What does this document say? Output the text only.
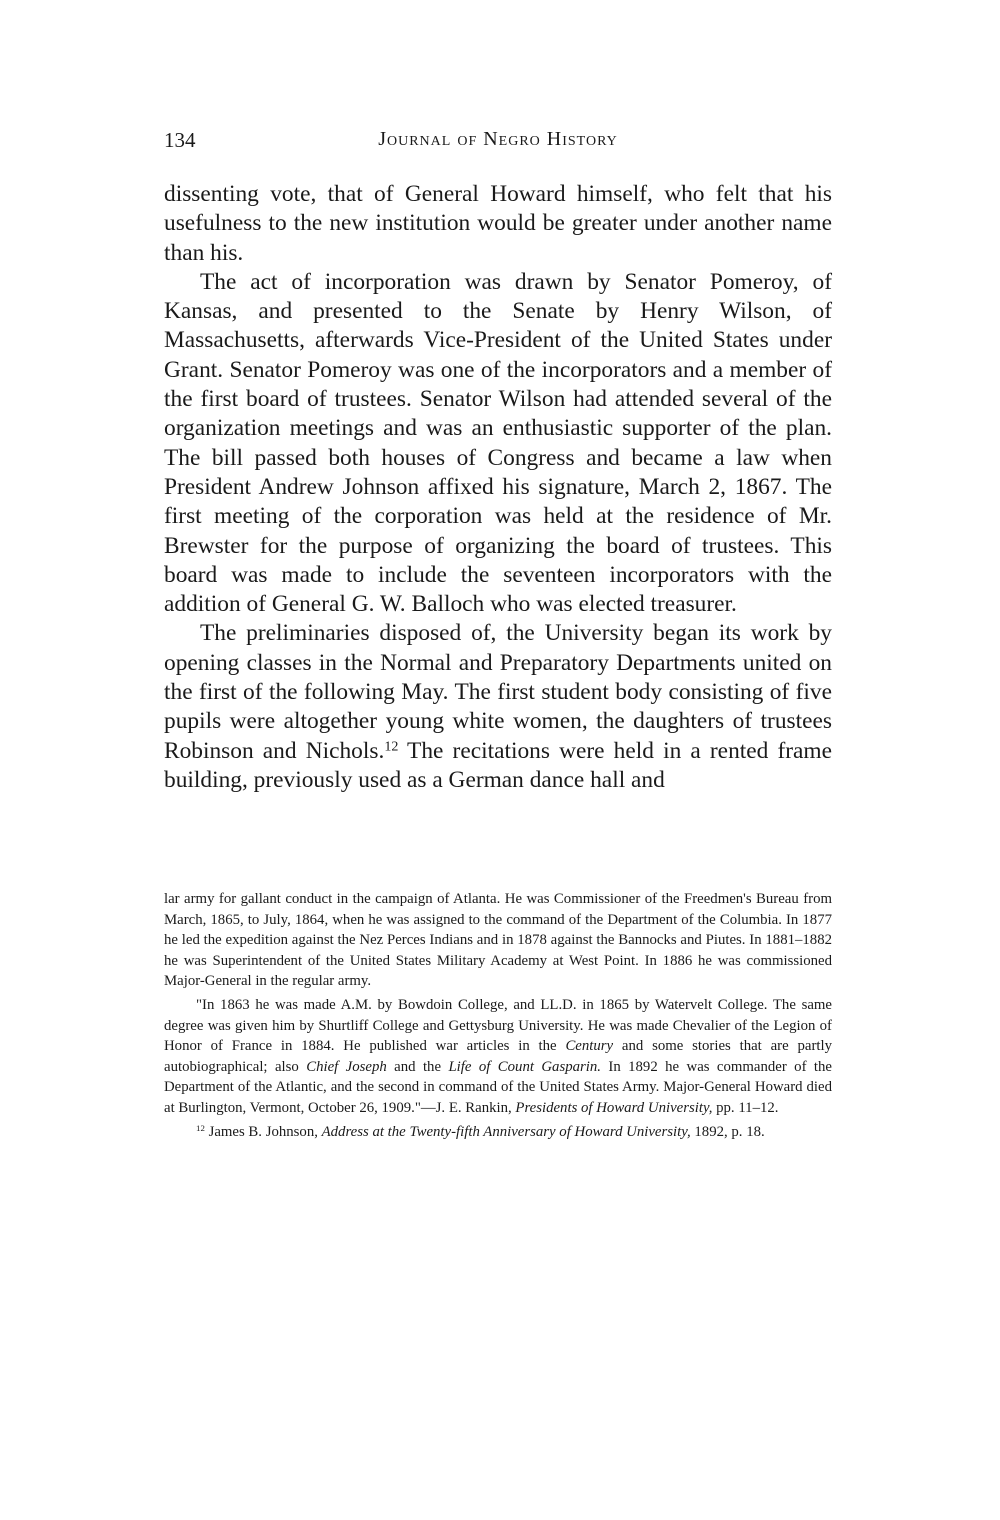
134	Journal of Negro History

dissenting vote, that of General Howard himself, who felt that his usefulness to the new institution would be greater under another name than his.

The act of incorporation was drawn by Senator Pomeroy, of Kansas, and presented to the Senate by Henry Wilson, of Massachusetts, afterwards Vice-President of the United States under Grant. Senator Pomeroy was one of the incorporators and a member of the first board of trustees. Senator Wilson had attended several of the organization meetings and was an enthusiastic supporter of the plan. The bill passed both houses of Congress and became a law when President Andrew Johnson affixed his signature, March 2, 1867. The first meeting of the corporation was held at the residence of Mr. Brewster for the purpose of organizing the board of trustees. This board was made to include the seventeen incorporators with the addition of General G. W. Balloch who was elected treasurer.

The preliminaries disposed of, the University began its work by opening classes in the Normal and Preparatory Departments united on the first of the following May. The first student body consisting of five pupils were altogether young white women, the daughters of trustees Robinson and Nichols.$^{12}$ The recitations were held in a rented frame building, previously used as a German dance hall and

lar army for gallant conduct in the campaign of Atlanta. He was Commissioner of the Freedmen's Bureau from March, 1865, to July, 1864, when he was assigned to the command of the Department of the Columbia. In 1877 he led the expedition against the Nez Perces Indians and in 1878 against the Bannocks and Piutes. In 1881–1882 he was Superintendent of the United States Military Academy at West Point. In 1886 he was commissioned Major-General in the regular army.

"In 1863 he was made A.M. by Bowdoin College, and LL.D. in 1865 by Watervelt College. The same degree was given him by Shurtliff College and Gettysburg University. He was made Chevalier of the Legion of Honor of France in 1884. He published war articles in the Century and some stories that are partly autobiographical; also Chief Joseph and the Life of Count Gasparin. In 1892 he was commander of the Department of the Atlantic, and the second in command of the United States Army. Major-General Howard died at Burlington, Vermont, October 26, 1909."—J. E. Rankin, Presidents of Howard University, pp. 11–12.

$^{12}$ James B. Johnson, Address at the Twenty-fifth Anniversary of Howard University, 1892, p. 18.
